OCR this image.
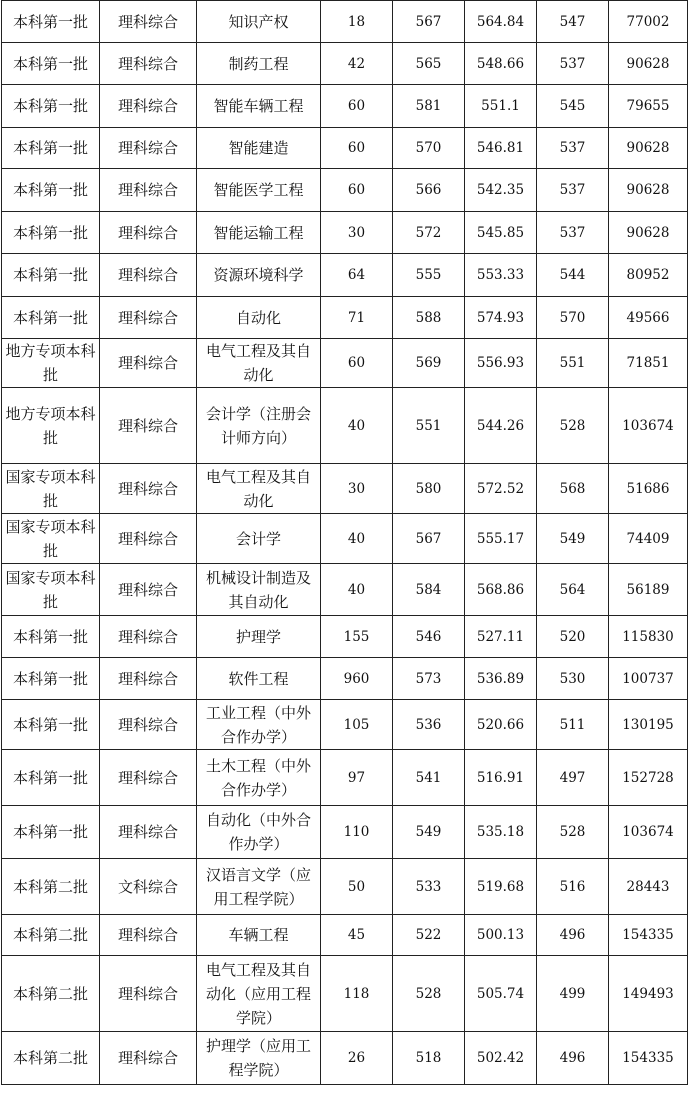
本科第一批	理科综合	知识产权	18	567	564.84	547	77002
本科第一批	理科综合	制药工程	42	565	548.66	537	90628
本科第一批	理科综合	智能车辆工程	60	581	551.1	545	79655
本科第一批	理科综合	智能建造	60	570	546.81	537	90628
本科第一批	理科综合	智能医学工程	60	566	542.35	537	90628
本科第一批	理科综合	智能运输工程	30	572	545.85	537	90628
本科第一批	理科综合	资源环境科学	64	555	553.33	544	80952
本科第一批	理科综合	自动化	71	588	574.93	570	49566
地方专项本科批	理科综合	电气工程及其自动化	60	569	556.93	551	71851
地方专项本科批	理科综合	会计学（注册会计师方向）	40	551	544.26	528	103674
国家专项本科批	理科综合	电气工程及其自动化	30	580	572.52	568	51686
国家专项本科批	理科综合	会计学	40	567	555.17	549	74409
国家专项本科批	理科综合	机械设计制造及其自动化	40	584	568.86	564	56189
本科第一批	理科综合	护理学	155	546	527.11	520	115830
本科第一批	理科综合	软件工程	960	573	536.89	530	100737
本科第一批	理科综合	工业工程（中外合作办学）	105	536	520.66	511	130195
本科第一批	理科综合	土木工程（中外合作办学）	97	541	516.91	497	152728
本科第一批	理科综合	自动化（中外合作办学）	110	549	535.18	528	103674
本科第二批	文科综合	汉语言文学（应用工程学院）	50	533	519.68	516	28443
本科第二批	理科综合	车辆工程	45	522	500.13	496	154335
本科第二批	理科综合	电气工程及其自动化（应用工程学院）	118	528	505.74	499	149493
本科第二批	理科综合	护理学（应用工程学院）	26	518	502.42	496	154335
